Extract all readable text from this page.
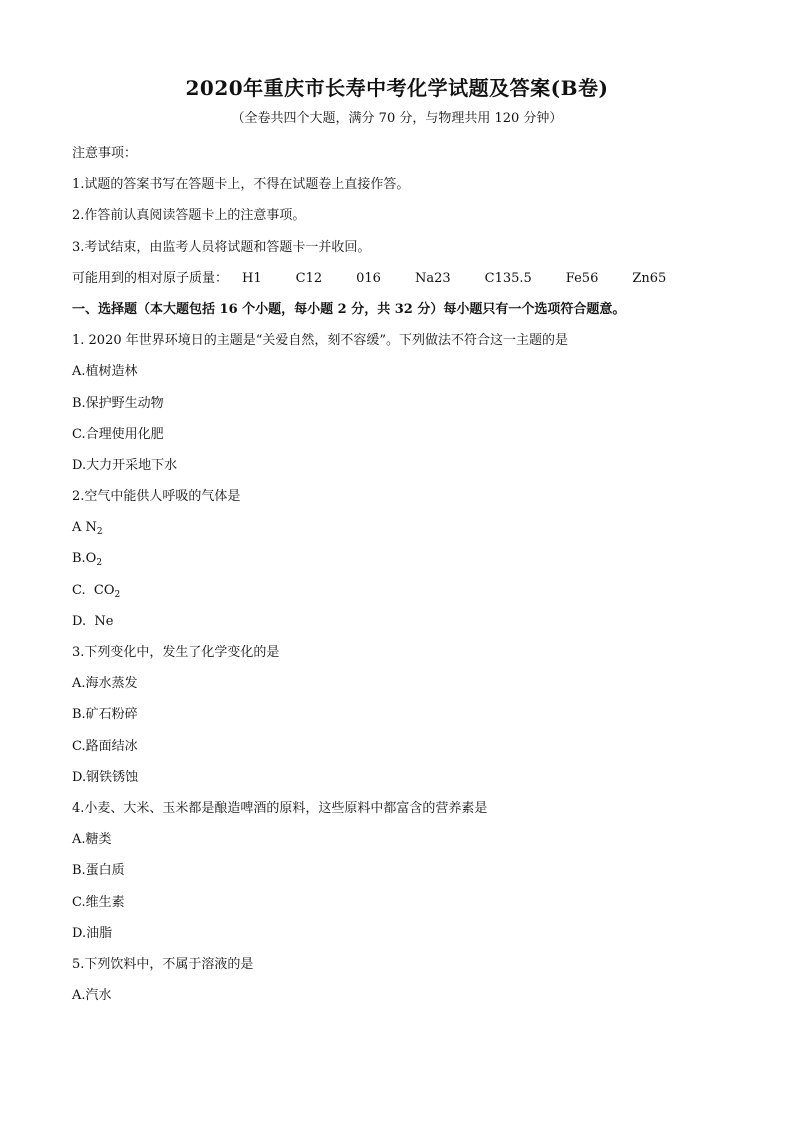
2020年重庆市长寿中考化学试题及答案(B卷)
（全卷共四个大题，满分 70 分，与物理共用 120 分钟）
注意事项：
1.试题的答案书写在答题卡上，不得在试题卷上直接作答。
2.作答前认真阅读答题卡上的注意事项。
3.考试结束，由监考人员将试题和答题卡一并收回。
可能用到的相对原子质量： H1	C12	016	Na23	C135.5	Fe56	Zn65
一、选择题（本大题包括 16 个小题，每小题 2 分，共 32 分）每小题只有一个选项符合题意。
1. 2020 年世界环境日的主题是“关爱自然，刻不容缓”。下列做法不符合这一主题的是
A.植树造林
B.保护野生动物
C.合理使用化肥
D.大力开采地下水
2.空气中能供人呼吸的气体是
A $N_2$
$B.O_2$
C.  $CO_2$
D.  Ne
3.下列变化中，发生了化学变化的是
A.海水蒸发
B.矿石粉碎
C.路面结冰
D.钢铁锈蚀
4.小麦、大米、玉米都是酿造啤酒的原料，这些原料中都富含的营养素是
A.糖类
B.蛋白质
C.维生素
D.油脂
5.下列饮料中，不属于溶液的是
A.汽水
